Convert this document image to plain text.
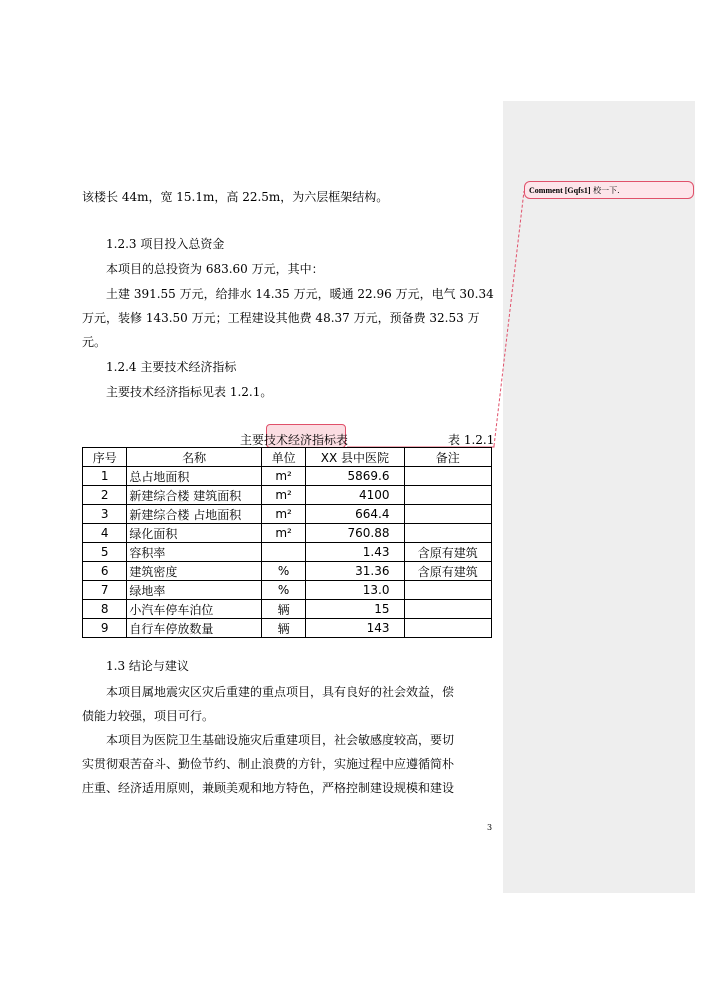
Comment [Gqfs1] 校一下.
该楼长 44m，宽 15.1m，高 22.5m，为六层框架结构。
1.2.3 项目投入总资金
本项目的总投资为 683.60 万元，其中：
土建 391.55 万元，给排水 14.35 万元，暖通 22.96 万元，电气 30.34
万元，装修 143.50 万元；工程建设其他费 48.37 万元，预备费 32.53 万
元。
1.2.4 主要技术经济指标
主要技术经济指标见表 1.2.1。
主要技术经济指标表	表 1.2.1
序号	名称	单位	XX 县中医院	备注
1	总占地面积	m²	5869.6	
2	新建综合楼 建筑面积	m²	4100	
3	新建综合楼 占地面积	m²	664.4	
4	绿化面积	m²	760.88	
5	容积率		1.43	含原有建筑
6	建筑密度	%	31.36	含原有建筑
7	绿地率	%	13.0	
8	小汽车停车泊位	辆	15	
9	自行车停放数量	辆	143	
1.3 结论与建议
本项目属地震灾区灾后重建的重点项目，具有良好的社会效益，偿
债能力较强，项目可行。
本项目为医院卫生基础设施灾后重建项目，社会敏感度较高，要切
实贯彻艰苦奋斗、勤俭节约、制止浪费的方针，实施过程中应遵循简朴
庄重、经济适用原则，兼顾美观和地方特色，严格控制建设规模和建设
3
